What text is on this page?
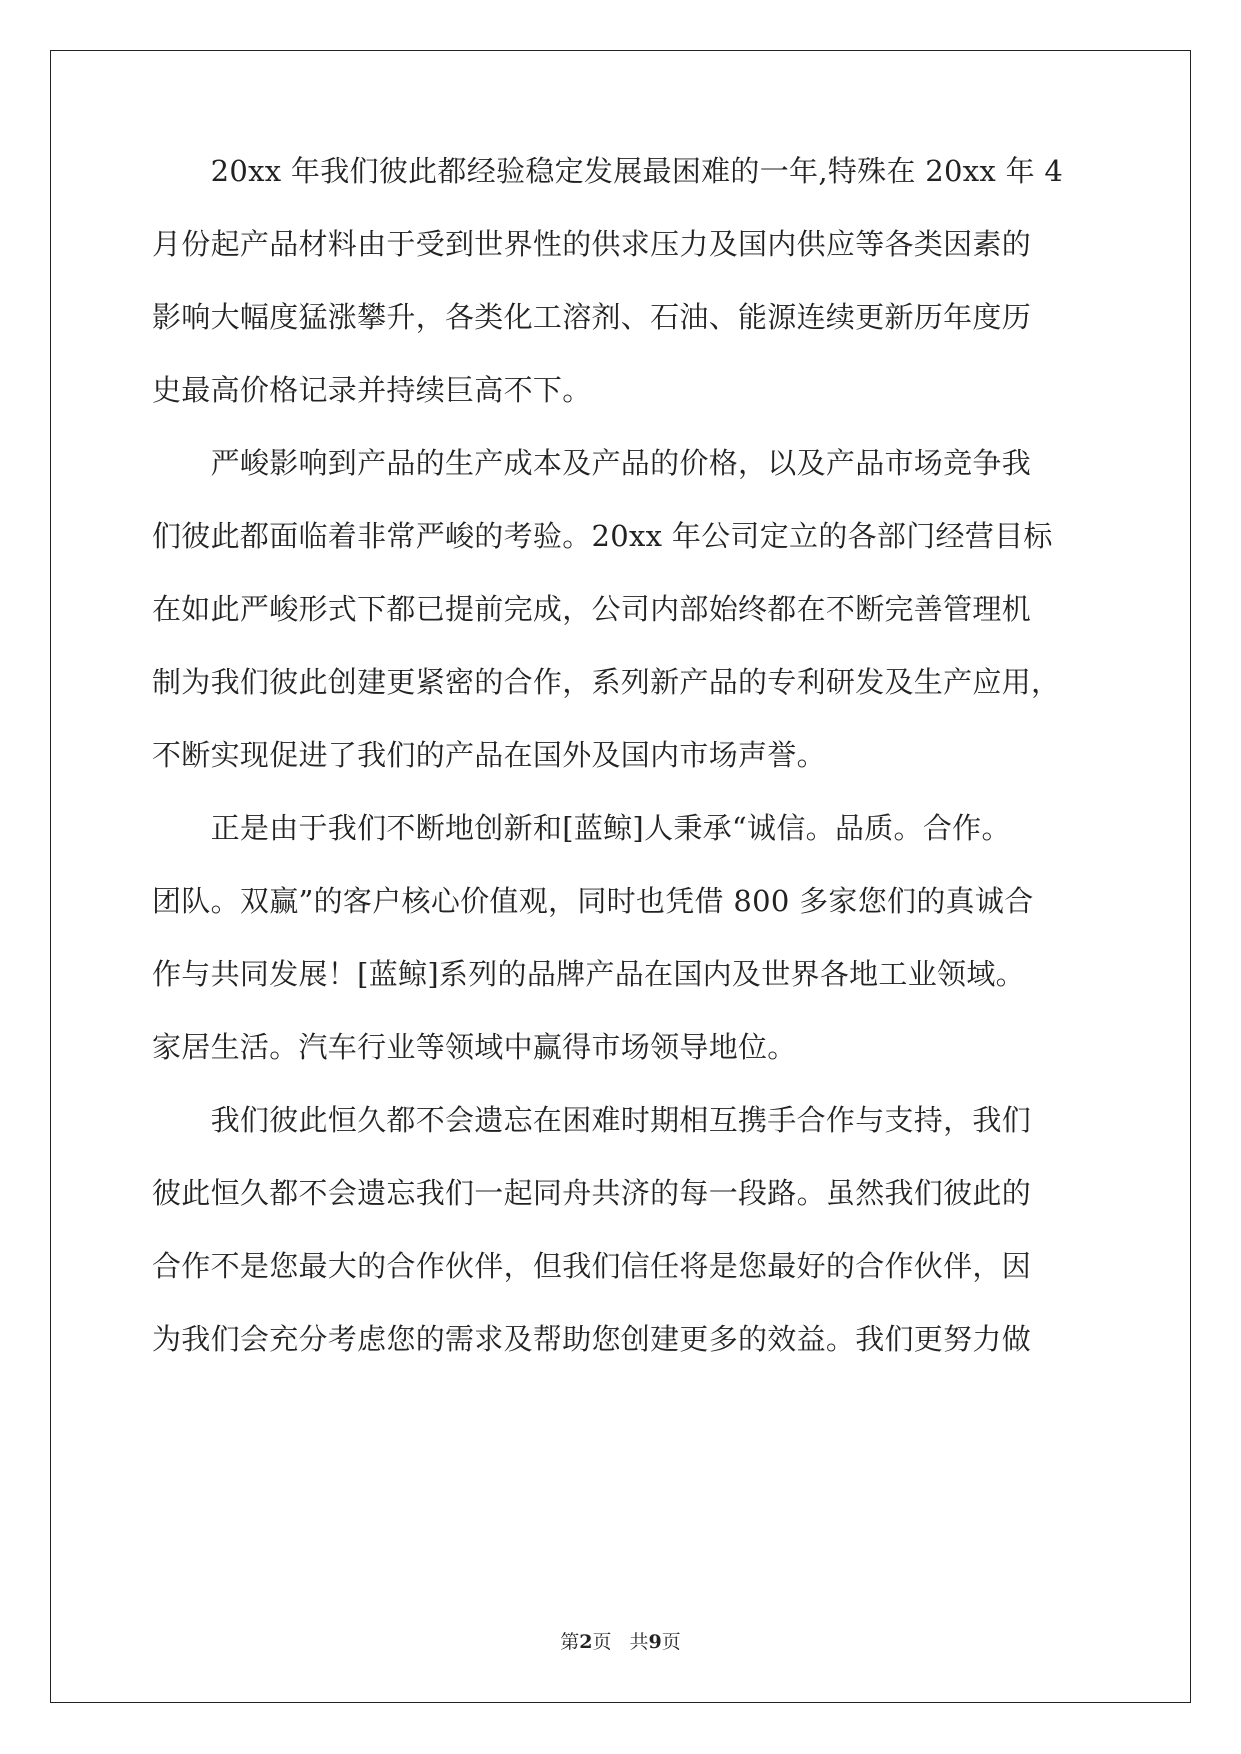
　　20xx 年我们彼此都经验稳定发展最困难的一年,特殊在 20xx 年 4
月份起产品材料由于受到世界性的供求压力及国内供应等各类因素的
影响大幅度猛涨攀升，各类化工溶剂、石油、能源连续更新历年度历
史最高价格记录并持续巨高不下。
　　严峻影响到产品的生产成本及产品的价格，以及产品市场竞争我
们彼此都面临着非常严峻的考验。20xx 年公司定立的各部门经营目标
在如此严峻形式下都已提前完成，公司内部始终都在不断完善管理机
制为我们彼此创建更紧密的合作，系列新产品的专利研发及生产应用，
不断实现促进了我们的产品在国外及国内市场声誉。
　　正是由于我们不断地创新和[蓝鲸]人秉承“诚信。品质。合作。
团队。双赢”的客户核心价值观，同时也凭借 800 多家您们的真诚合
作与共同发展！[蓝鲸]系列的品牌产品在国内及世界各地工业领域。
家居生活。汽车行业等领域中赢得市场领导地位。
　　我们彼此恒久都不会遗忘在困难时期相互携手合作与支持，我们
彼此恒久都不会遗忘我们一起同舟共济的每一段路。虽然我们彼此的
合作不是您最大的合作伙伴，但我们信任将是您最好的合作伙伴，因
为我们会充分考虑您的需求及帮助您创建更多的效益。我们更努力做
第2页 共9页
